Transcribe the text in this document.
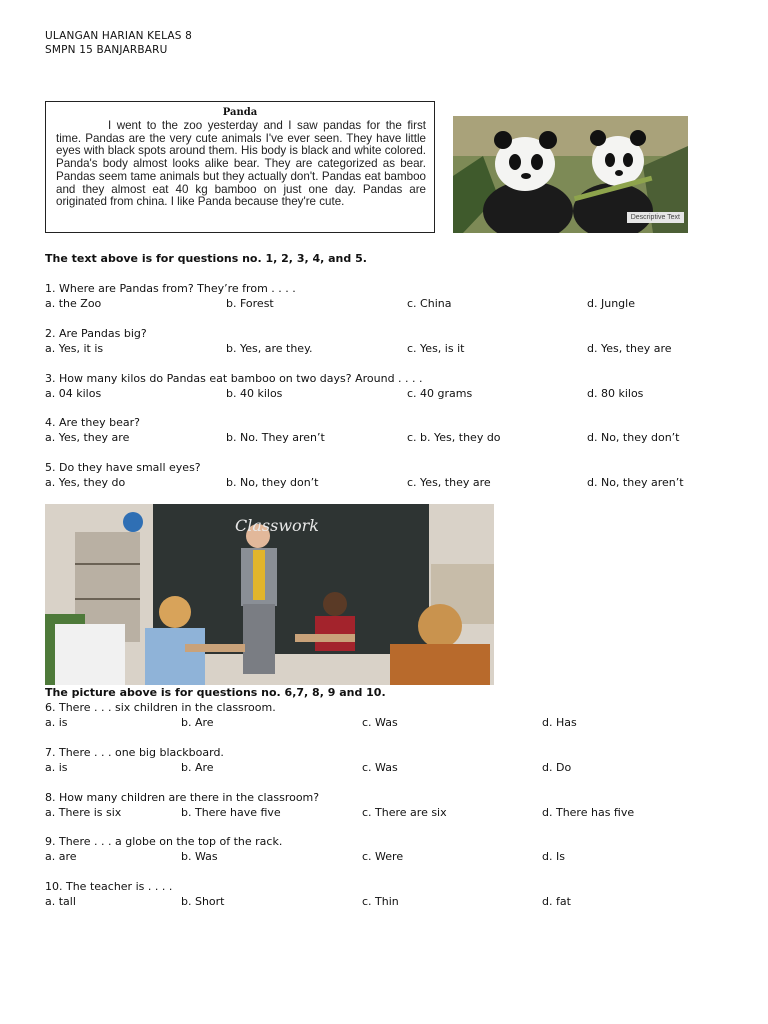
ULANGAN HARIAN KELAS 8
SMPN 15 BANJARBARU
Panda
I went to the zoo yesterday and I saw pandas for the first time. Pandas are the very cute animals I've ever seen. They have little eyes with black spots around them. His body is black and white colored. Panda's body almost looks alike bear. They are categorized as bear. Pandas seem tame animals but they actually don't. Pandas eat bamboo and they almost eat 40 kg bamboo on just one day. Pandas are originated from china. I like Panda because they're cute.
Descriptive Text
The text above is for questions no. 1, 2, 3, 4, and 5.
1. Where are Pandas from? They’re from . . . .
a. the Zoo	b. Forest	c. China	d. Jungle
2. Are Pandas big?
a. Yes, it is	b. Yes, are they.	c. Yes, is it	d. Yes, they are
3. How many kilos do Pandas eat bamboo on two days? Around . . . .
a. 04 kilos	b. 40 kilos	c. 40 grams	d. 80 kilos
4. Are they bear?
a. Yes, they are	b. No. They aren’t	c. b. Yes, they do	d. No, they don’t
5. Do they have small eyes?
a. Yes, they do	b. No, they don’t	c. Yes, they are	d. No, they aren’t
Classwork
The picture above is for questions no. 6,7, 8, 9 and 10.
6. There . . . six children in the classroom.
a. is	b. Are	c. Was	d. Has
7. There . . . one big blackboard.
a. is	b. Are	c. Was	d. Do
8. How many children are there in the classroom?
a. There is six	b. There have five	c. There are six	d. There has five
9. There . . . a globe on the top of the rack.
a. are	b. Was	c. Were	d. Is
10. The teacher is . . . .
a. tall	b. Short	c. Thin	d. fat
